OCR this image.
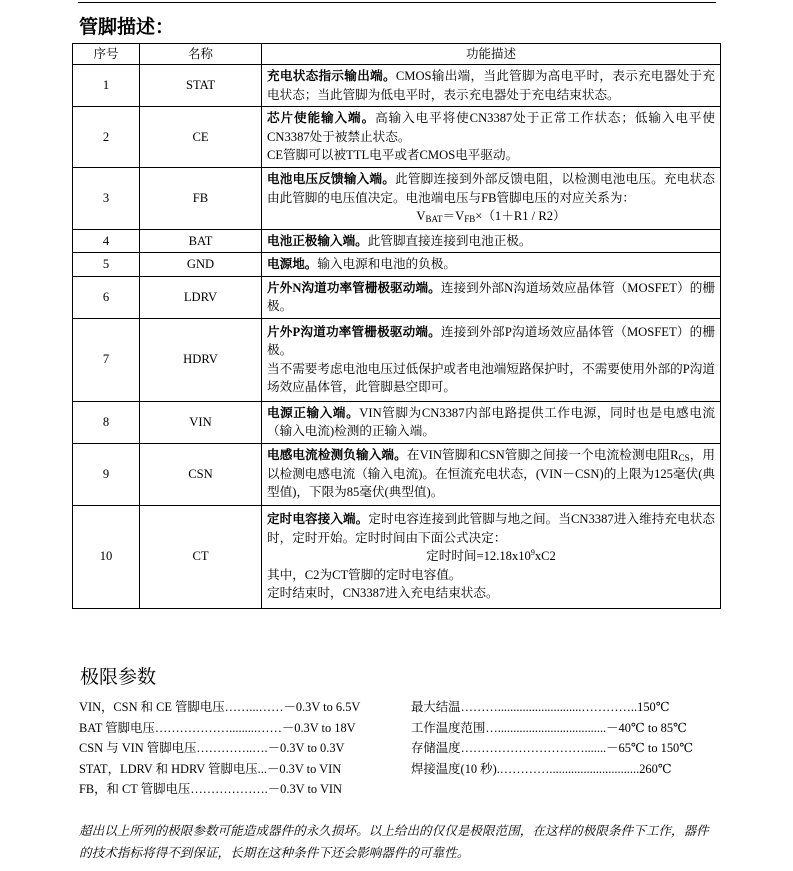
管脚描述：
序号	名称	功能描述
1	STAT	充电状态指示输出端。CMOS输出端，当此管脚为高电平时，表示充电器处于充电状态；当此管脚为低电平时，表示充电器处于充电结束状态。

2	CE	芯片使能输入端。高输入电平将使CN3387处于正常工作状态；低输入电平使CN3387处于被禁止状态。
CE管脚可以被TTL电平或者CMOS电平驱动。

3	FB	电池电压反馈输入端。此管脚连接到外部反馈电阻，以检测电池电压。充电状态由此管脚的电压值决定。电池端电压与FB管脚电压的对应关系为：
$V_{BAT}=V_{FB}\times(1+R1 / R2)$

4	BAT	电池正极输入端。此管脚直接连接到电池正极。

5	GND	电源地。输入电源和电池的负极。

6	LDRV	片外N沟道功率管栅极驱动端。连接到外部N沟道场效应晶体管（MOSFET）的栅极。

7	HDRV	片外P沟道功率管栅极驱动端。连接到外部P沟道场效应晶体管（MOSFET）的栅极。
当不需要考虑电池电压过低保护或者电池端短路保护时，不需要使用外部的P沟道场效应晶体管，此管脚悬空即可。

8	VIN	电源正输入端。VIN管脚为CN3387内部电路提供工作电源，同时也是电感电流（输入电流)检测的正输入端。

9	CSN	电感电流检测负输入端。在VIN管脚和CSN管脚之间接一个电流检测电阻$R_{CS}$，用以检测电感电流（输入电流)。在恒流充电状态，(VIN－CSN)的上限为125毫伏(典型值)，下限为85毫伏(典型值)。

10	CT	定时电容接入端。定时电容连接到此管脚与地之间。当CN3387进入维持充电状态时，定时开始。定时时间由下面公式决定：
定时时间$=12.18x10^9xC2$
其中，C2为CT管脚的定时电容值。
定时结束时，CN3387进入充电结束状态。
极限参数
VIN，CSN 和 CE 管脚电压 ……...…… －0.3V to 6.5V
BAT 管脚电压 ……………….........…… －0.3V to 18V
CSN 与 VIN 管脚电压 …………..…. －0.3V to 0.3V
STAT，LDRV 和 HDRV 管脚电压 ... －0.3V to VIN
FB，和 CT 管脚电压 ………………. －0.3V to VIN
最大结温 ………...........................………….. 150℃
工作温度范围 …................................... －40℃ to 85℃
存储温度 …………………………....... －65℃ to 150℃
焊接温度(10 秒) .…………............................. 260℃
超出以上所列的极限参数可能造成器件的永久损坏。以上给出的仅仅是极限范围，在这样的极限条件下工作，器件的技术指标将得不到保证，长期在这种条件下还会影响器件的可靠性。
